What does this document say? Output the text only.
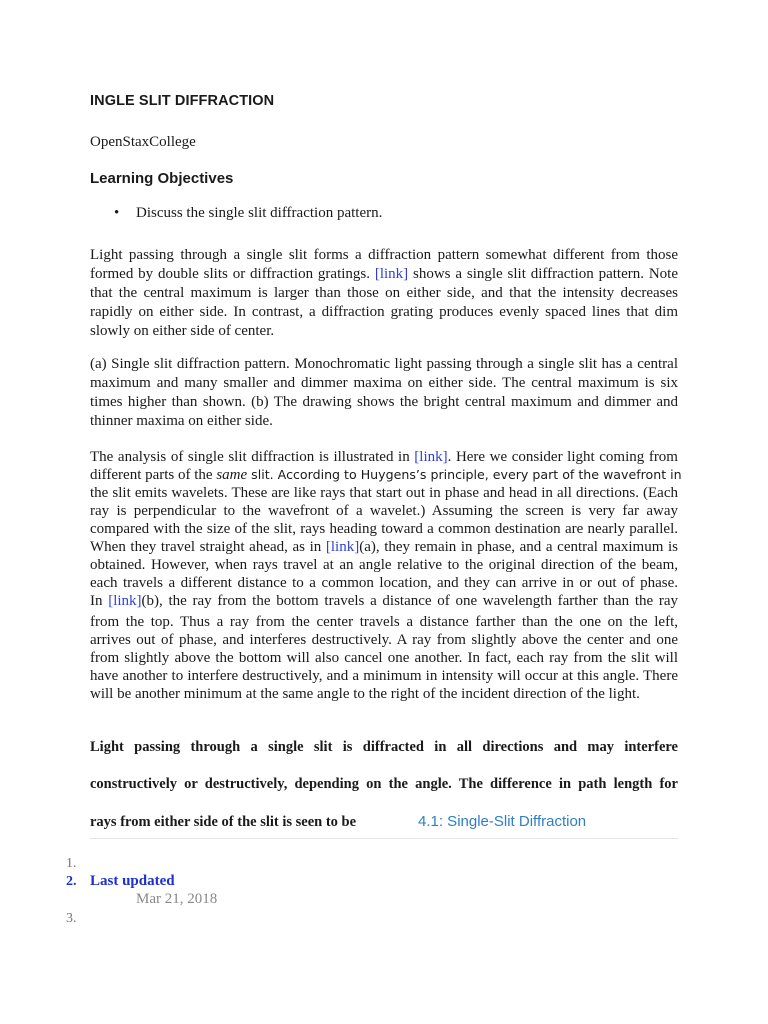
INGLE SLIT DIFFRACTION
OpenStaxCollege
Learning Objectives
• Discuss the single slit diffraction pattern.
Light passing through a single slit forms a diffraction pattern somewhat different from those
formed by double slits or diffraction gratings. [link] shows a single slit diffraction pattern. Note
that the central maximum is larger than those on either side, and that the intensity decreases
rapidly on either side. In contrast, a diffraction grating produces evenly spaced lines that dim
slowly on either side of center.
(a) Single slit diffraction pattern. Monochromatic light passing through a single slit has a central
maximum and many smaller and dimmer maxima on either side. The central maximum is six
times higher than shown. (b) The drawing shows the bright central maximum and dimmer and
thinner maxima on either side.
The analysis of single slit diffraction is illustrated in [link]. Here we consider light coming from
different parts of the same slit. According to Huygens’s principle, every part of the wavefront in
the slit emits wavelets. These are like rays that start out in phase and head in all directions. (Each
ray is perpendicular to the wavefront of a wavelet.) Assuming the screen is very far away
compared with the size of the slit, rays heading toward a common destination are nearly parallel.
When they travel straight ahead, as in [link](a), they remain in phase, and a central maximum is
obtained. However, when rays travel at an angle relative to the original direction of the beam,
each travels a different distance to a common location, and they can arrive in or out of phase.
In [link](b), the ray from the bottom travels a distance of one wavelength farther than the ray
from the top. Thus a ray from the center travels a distance farther than the one on the left,
arrives out of phase, and interferes destructively. A ray from slightly above the center and one
from slightly above the bottom will also cancel one another. In fact, each ray from the slit will
have another to interfere destructively, and a minimum in intensity will occur at this angle. There
will be another minimum at the same angle to the right of the incident direction of the light.
Light passing through a single slit is diffracted in all directions and may interfere
constructively or destructively, depending on the angle. The difference in path length for
rays from either side of the slit is seen to be	4.1: Single-Slit Diffraction
1.
2. Last updated
Mar 21, 2018
3.
